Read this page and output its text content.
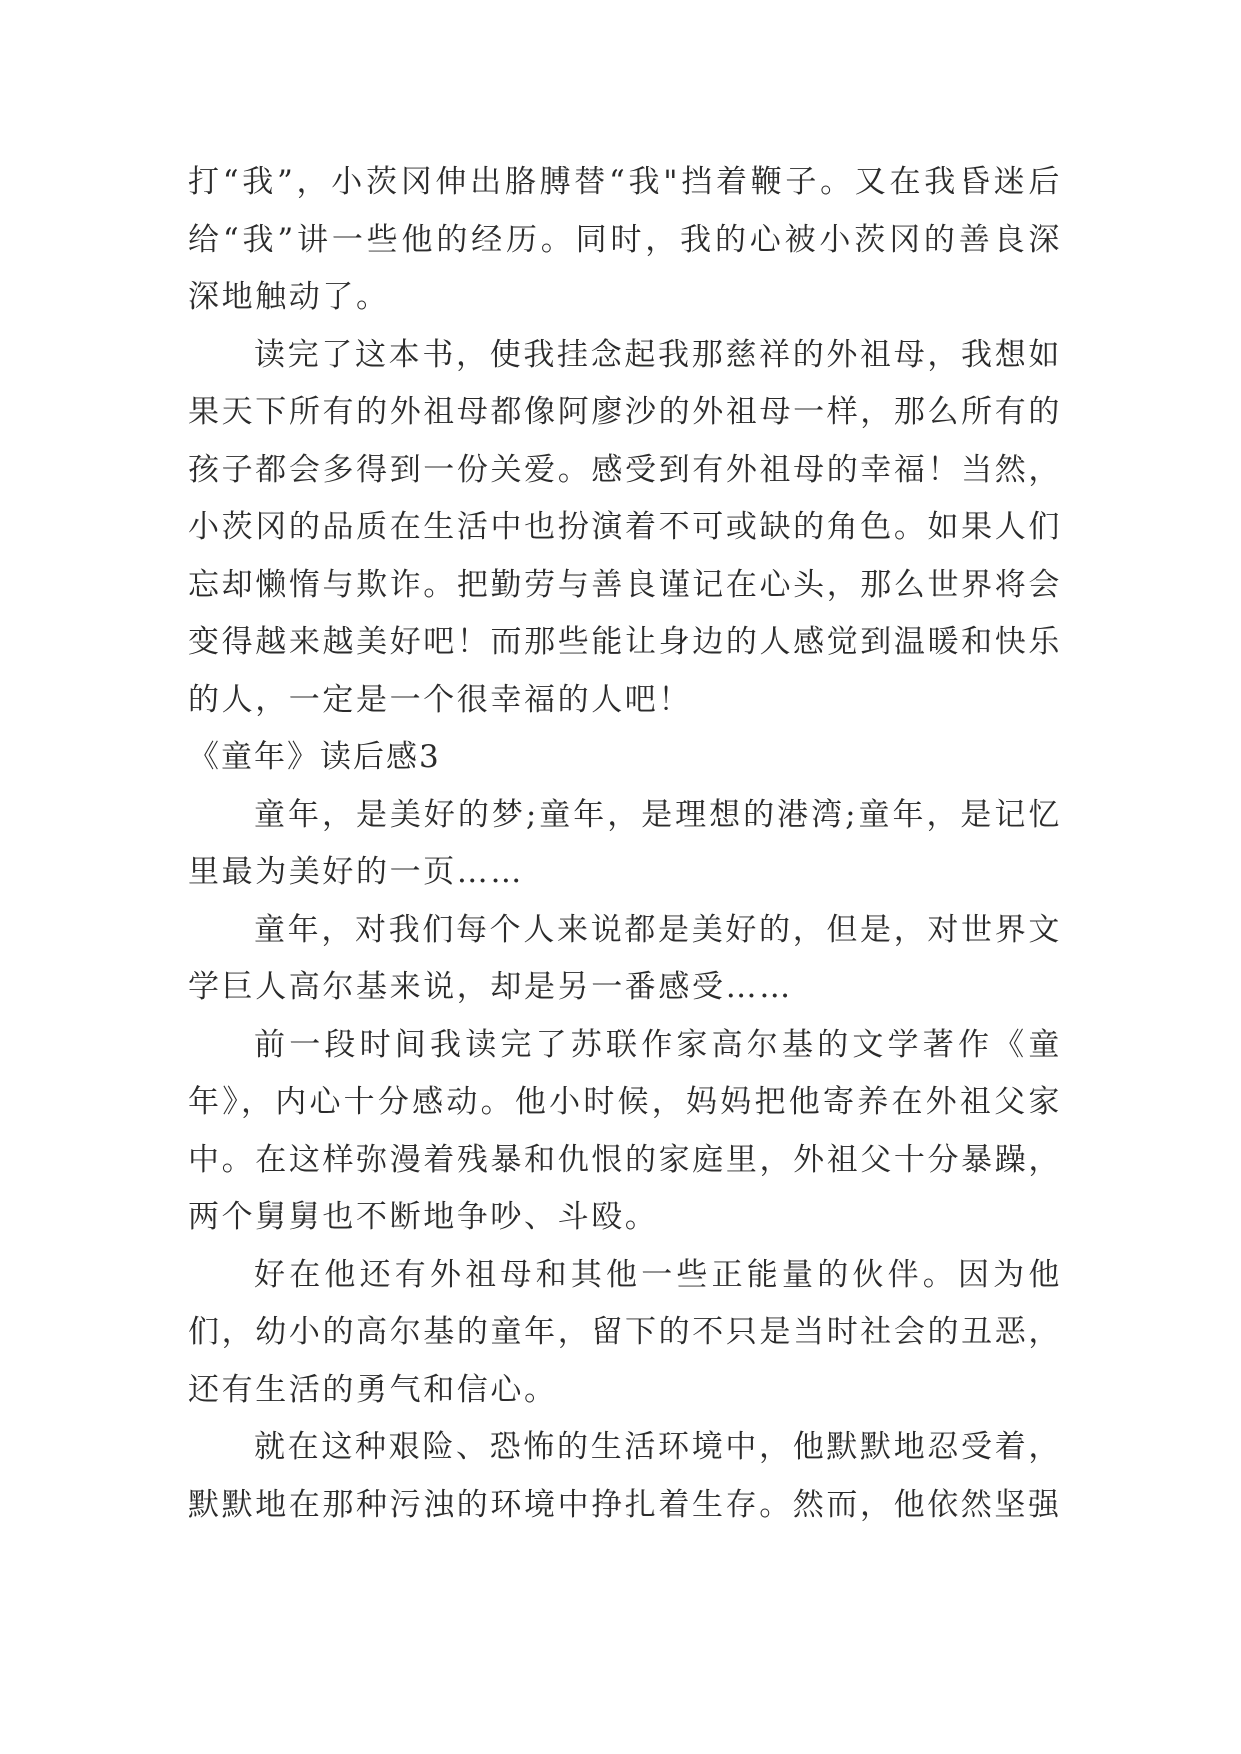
打“我”，小茨冈伸出胳膊替“我"挡着鞭子。又在我昏迷后给“我”讲一些他的经历。同时，我的心被小茨冈的善良深深地触动了。

读完了这本书，使我挂念起我那慈祥的外祖母，我想如果天下所有的外祖母都像阿廖沙的外祖母一样，那么所有的孩子都会多得到一份关爱。感受到有外祖母的幸福！当然，小茨冈的品质在生活中也扮演着不可或缺的角色。如果人们忘却懒惰与欺诈。把勤劳与善良谨记在心头，那么世界将会变得越来越美好吧！而那些能让身边的人感觉到温暖和快乐的人，一定是一个很幸福的人吧！

《童年》读后感3

童年，是美好的梦;童年，是理想的港湾;童年，是记忆里最为美好的一页……

童年，对我们每个人来说都是美好的，但是，对世界文学巨人高尔基来说，却是另一番感受……

前一段时间我读完了苏联作家高尔基的文学著作《童年》，内心十分感动。他小时候，妈妈把他寄养在外祖父家中。在这样弥漫着残暴和仇恨的家庭里，外祖父十分暴躁，两个舅舅也不断地争吵、斗殴。

好在他还有外祖母和其他一些正能量的伙伴。因为他们，幼小的高尔基的童年，留下的不只是当时社会的丑恶，还有生活的勇气和信心。

就在这种艰险、恐怖的生活环境中，他默默地忍受着，默默地在那种污浊的环境中挣扎着生存。然而，他依然坚强
